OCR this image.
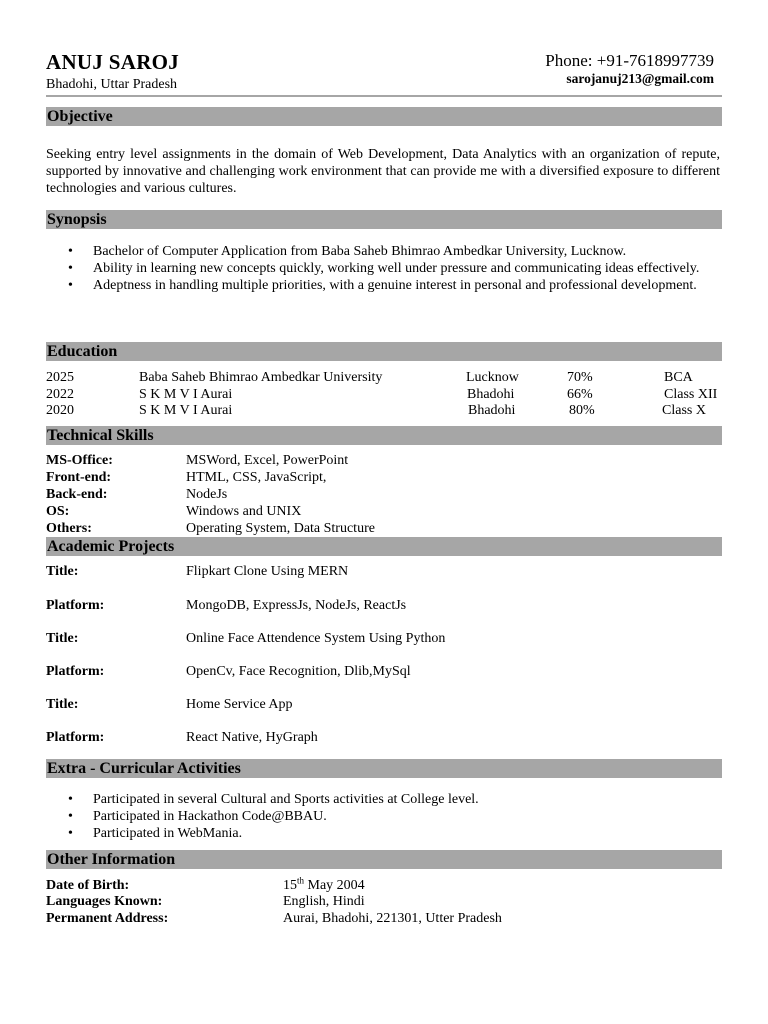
ANUJ SAROJ
Bhadohi, Uttar Pradesh
Phone: +91-7618997739
sarojanuj213@gmail.com
Objective
Seeking entry level assignments in the domain of Web Development, Data Analytics with an organization of repute, supported by innovative and challenging work environment that can provide me with a diversified exposure to different technologies and various cultures.
Synopsis
• Bachelor of Computer Application from Baba Saheb Bhimrao Ambedkar University, Lucknow.
• Ability in learning new concepts quickly, working well under pressure and communicating ideas effectively.
• Adeptness in handling multiple priorities, with a genuine interest in personal and professional development.
Education
2025	Baba Saheb Bhimrao Ambedkar University	Lucknow	70%	BCA
2022	S K M V I Aurai	Bhadohi	66%	Class XII
2020	S K M V I Aurai	Bhadohi	80%	Class X
Technical Skills
MS-Office:	MSWord, Excel, PowerPoint
Front-end:	HTML, CSS, JavaScript,
Back-end:	NodeJs
OS:	Windows and UNIX
Others:	Operating System, Data Structure
Academic Projects
Title:	Flipkart Clone Using MERN
Platform:	MongoDB, ExpressJs, NodeJs, ReactJs
Title:	Online Face Attendence System Using Python
Platform:	OpenCv, Face Recognition, Dlib,MySql
Title:	Home Service App
Platform:	React Native, HyGraph
Extra - Curricular Activities
• Participated in several Cultural and Sports activities at College level.
• Participated in Hackathon Code@BBAU.
• Participated in WebMania.
Other Information
Date of Birth:	15th May 2004
Languages Known:	English, Hindi
Permanent Address:	Aurai, Bhadohi, 221301, Utter Pradesh
